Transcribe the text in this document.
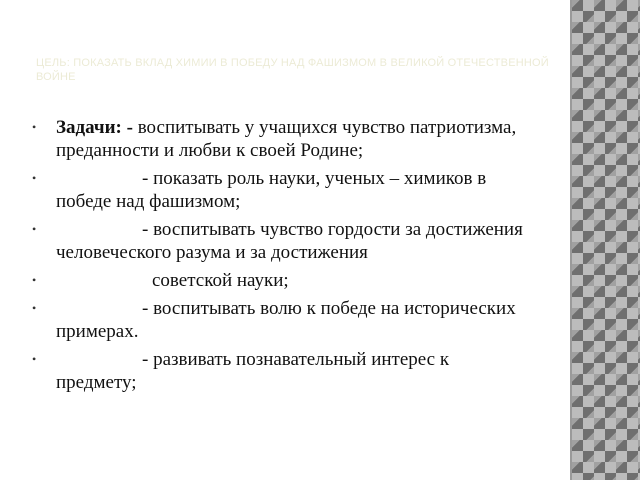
ЦЕЛЬ: ПОКАЗАТЬ ВКЛАД ХИМИИ В ПОБЕДУ НАД ФАШИЗМОМ В ВЕЛИКОЙ ОТЕЧЕСТВЕННОЙ ВОЙНЕ
• Задачи: - воспитывать у учащихся чувство патриотизма, преданности и любви к своей Родине;
•	- показать роль науки, ученых – химиков в победе над фашизмом;
•	- воспитывать чувство гордости за достижения человеческого разума и за достижения
•	советской науки;
•	- воспитывать волю к победе на исторических примерах.
•	- развивать познавательный интерес к предмету;
